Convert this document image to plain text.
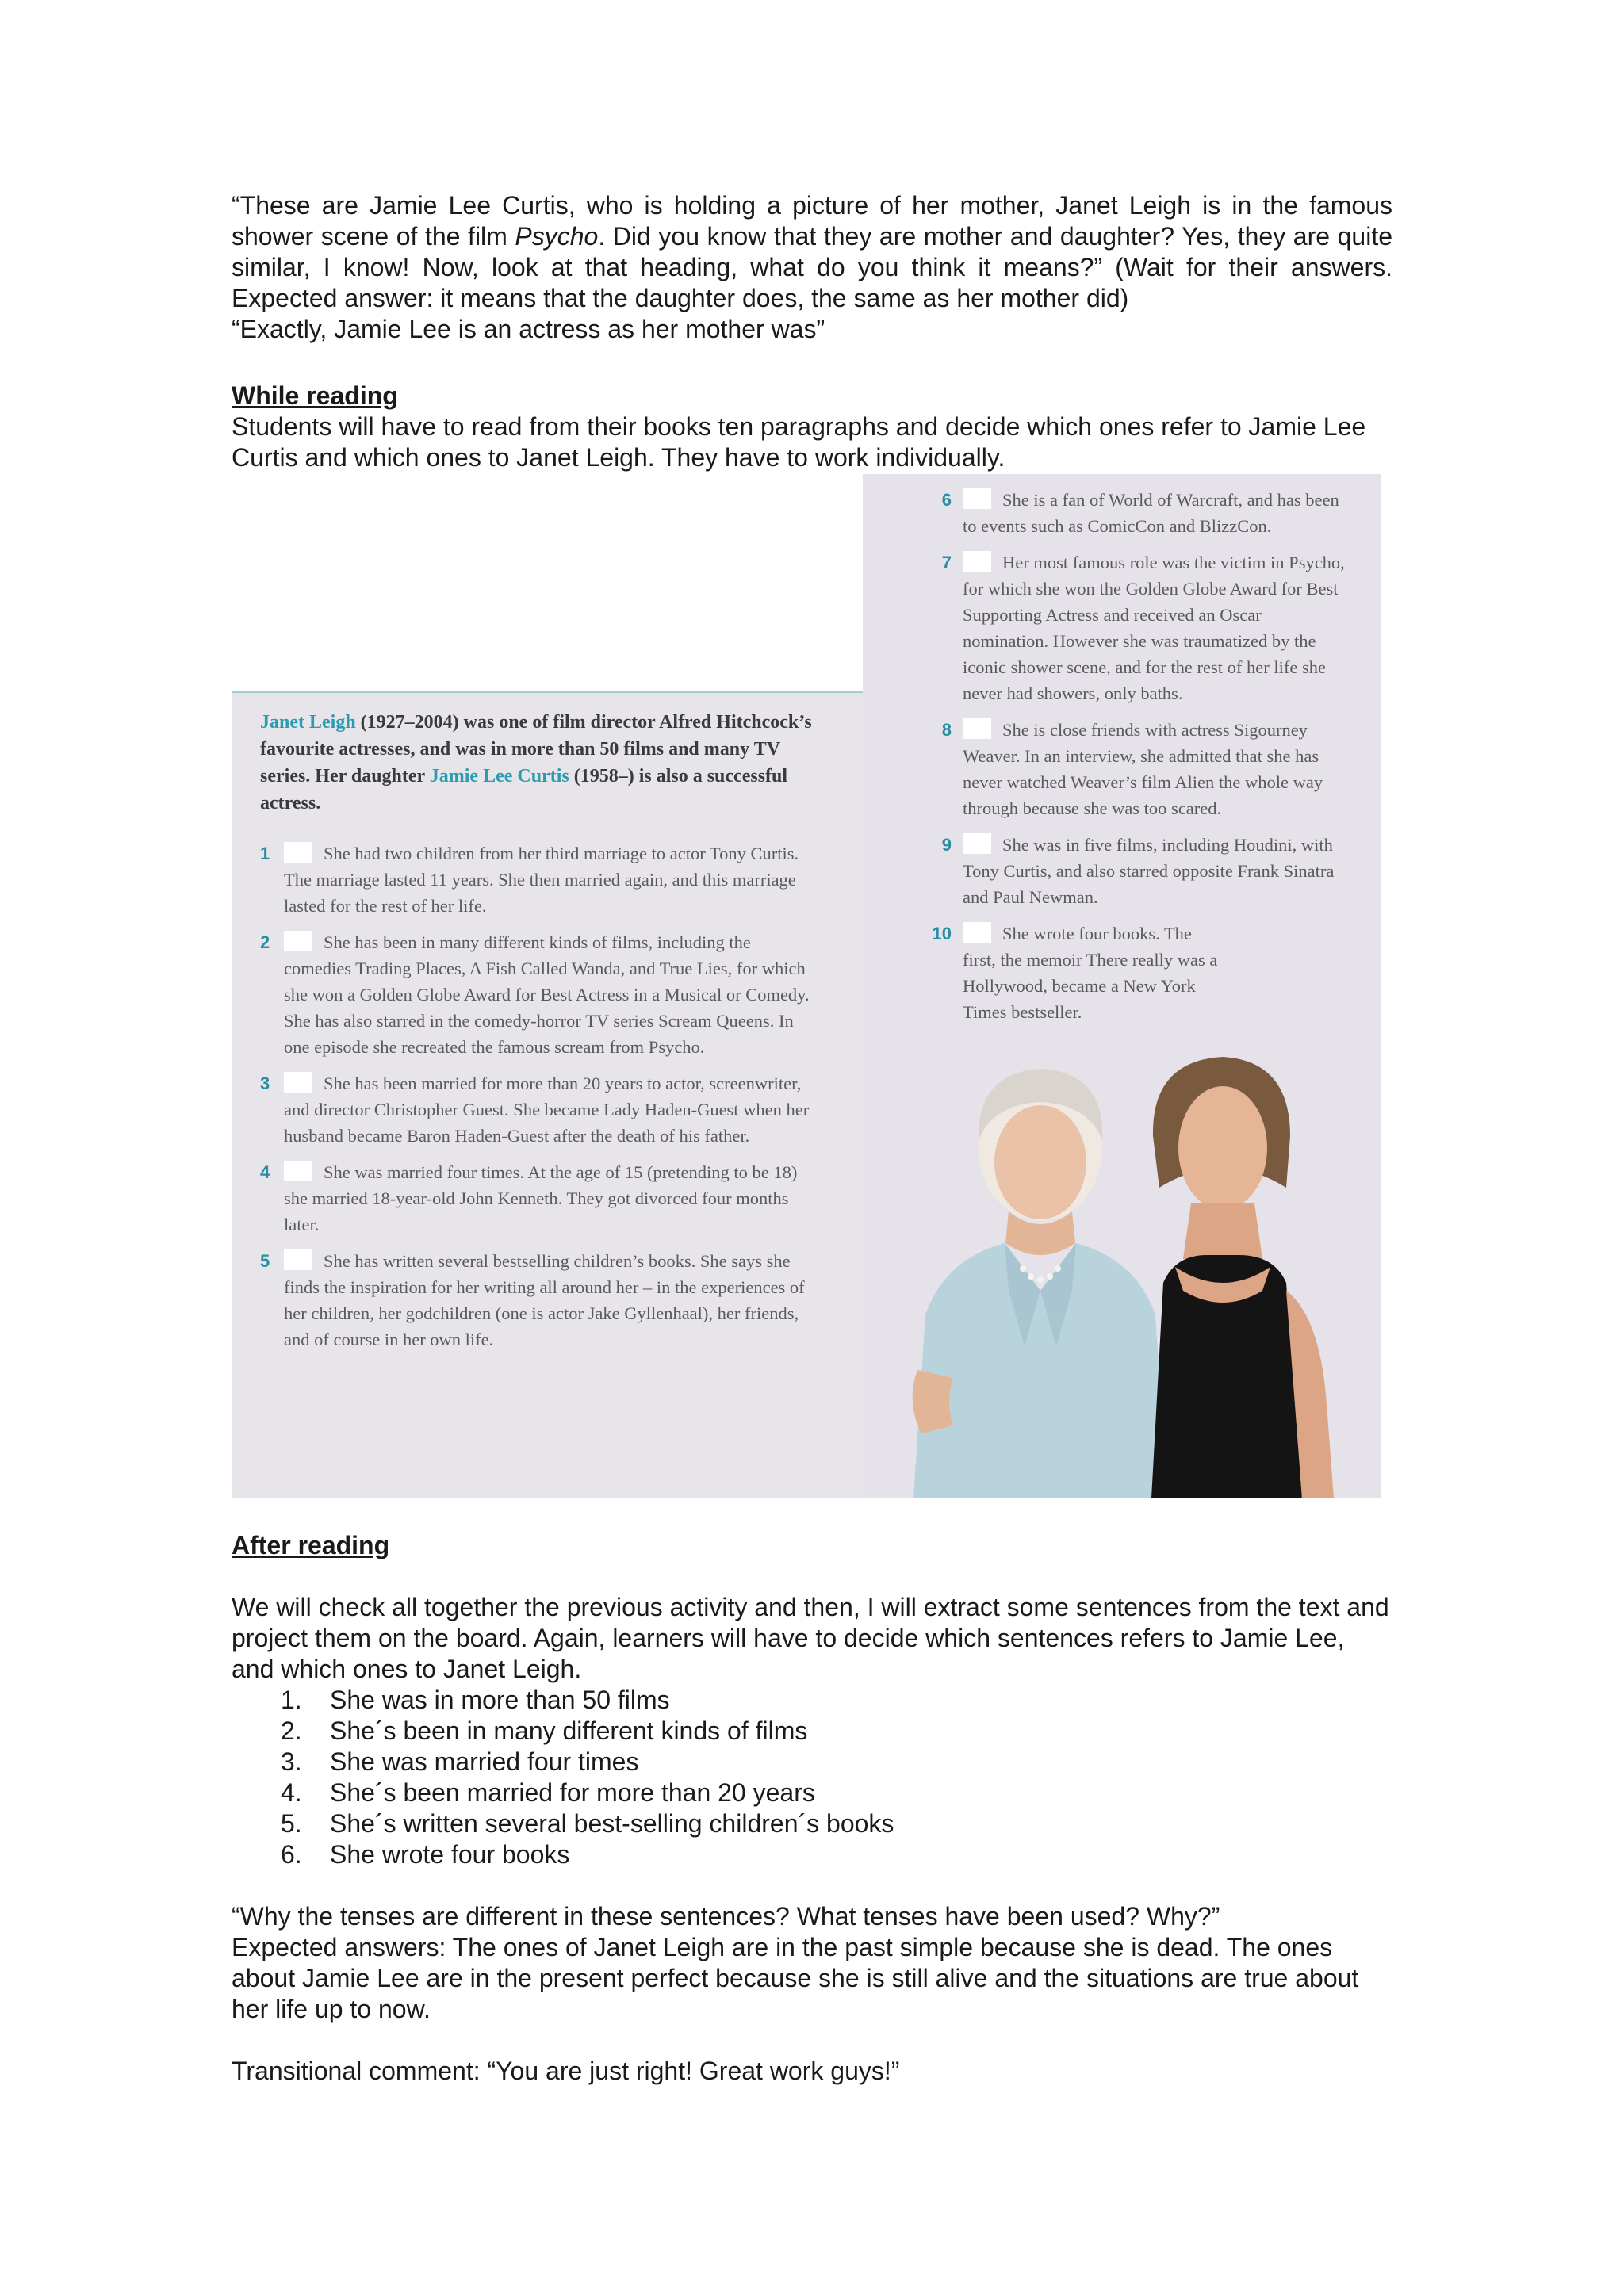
“These are Jamie Lee Curtis, who is holding a picture of her mother, Janet Leigh is in the famous shower scene of the film Psycho. Did you know that they are mother and daughter? Yes, they are quite similar, I know! Now, look at that heading, what do you think it means?” (Wait for their answers. Expected answer: it means that the daughter does, the same as her mother did)

“Exactly, Jamie Lee is an actress as her mother was”

While reading

Students will have to read from their books ten paragraphs and decide which ones refer to Jamie Lee Curtis and which ones to Janet Leigh. They have to work individually.

Janet Leigh (1927–2004) was one of film director Alfred Hitchcock’s favourite actresses, and was in more than 50 films and many TV series. Her daughter Jamie Lee Curtis (1958–) is also a successful actress.
1	She had two children from her third marriage to actor Tony Curtis. The marriage lasted 11 years. She then married again, and this marriage lasted for the rest of her life.
2	She has been in many different kinds of films, including the comedies Trading Places, A Fish Called Wanda, and True Lies, for which she won a Golden Globe Award for Best Actress in a Musical or Comedy. She has also starred in the comedy-horror TV series Scream Queens. In one episode she recreated the famous scream from Psycho.
3	She has been married for more than 20 years to actor, screenwriter, and director Christopher Guest. She became Lady Haden-Guest when her husband became Baron Haden-Guest after the death of his father.
4	She was married four times. At the age of 15 (pretending to be 18) she married 18-year-old John Kenneth. They got divorced four months later.
5	She has written several bestselling children’s books. She says she finds the inspiration for her writing all around her – in the experiences of her children, her godchildren (one is actor Jake Gyllenhaal), her friends, and of course in her own life.
6	She is a fan of World of Warcraft, and has been to events such as ComicCon and BlizzCon.
7	Her most famous role was the victim in Psycho, for which she won the Golden Globe Award for Best Supporting Actress and received an Oscar nomination. However she was traumatized by the iconic shower scene, and for the rest of her life she never had showers, only baths.
8	She is close friends with actress Sigourney Weaver. In an interview, she admitted that she has never watched Weaver’s film Alien the whole way through because she was too scared.
9	She was in five films, including Houdini, with Tony Curtis, and also starred opposite Frank Sinatra and Paul Newman.
10	She wrote four books. The first, the memoir There really was a Hollywood, became a New York Times bestseller.

After reading

We will check all together the previous activity and then, I will extract some sentences from the text and project them on the board. Again, learners will have to decide which sentences refers to Jamie Lee, and which ones to Janet Leigh.

1. She was in more than 50 films
2. She´s been in many different kinds of films
3. She was married four times
4. She´s been married for more than 20 years
5. She´s written several best-selling children´s books
6. She wrote four books

“Why the tenses are different in these sentences? What tenses have been used? Why?”

Expected answers: The ones of Janet Leigh are in the past simple because she is dead. The ones about Jamie Lee are in the present perfect because she is still alive and the situations are true about her life up to now.

Transitional comment: “You are just right! Great work guys!”
